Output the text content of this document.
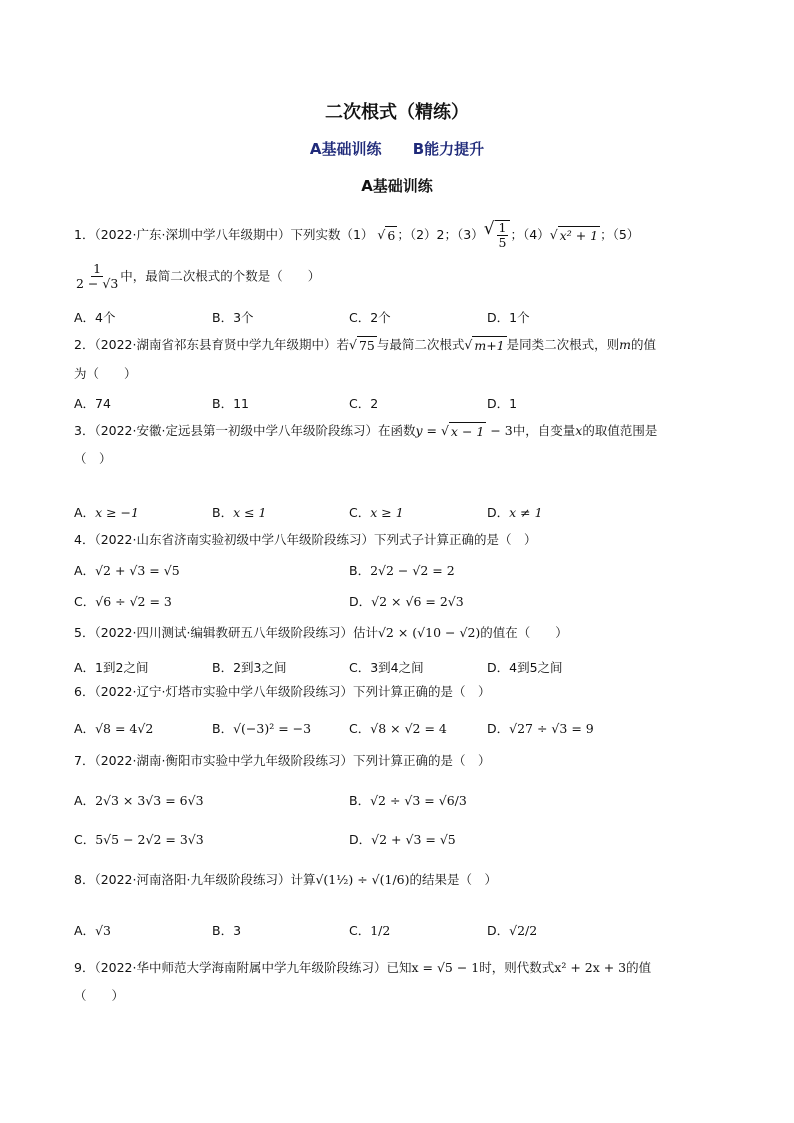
二次根式（精练）
A基础训练 B能力提升
A基础训练
1．（2022·广东·深圳中学八年级期中）下列实数（1） √ 6 ；（2）2；（3） √ $\frac{1}{5}$ ；（4） √ x² + 1 ；（5）
$\frac{1}{2 - √3}$ 中，最简二次根式的个数是（　　）
A．4个	B．3个	C．2个	D．1个
2．（2022·湖南省祁东县育贤中学九年级期中）若 √ 75 与最简二次根式 √ m+1 是同类二次根式，则m的值
为（　　）
A．74	B．11	C．2	D．1
3．（2022·安徽·定远县第一初级中学八年级阶段练习）在函数y = √ x − 1 − 3中，自变量x的取值范围是
（　）
A．x ≥ −1	B．x ≤ 1	C．x ≥ 1	D．x ≠ 1
4．（2022·山东省济南实验初级中学八年级阶段练习）下列式子计算正确的是（　）
A．√2 + √3 = √5	B．2√2 − √2 = 2
C．√6 ÷ √2 = 3	D．√2 × √6 = 2√3
5．（2022·四川测试·编辑教研五八年级阶段练习）估计√2 × (√10 − √2)的值在（　　）
A．1到2之间	B．2到3之间	C．3到4之间	D．4到5之间
6．（2022·辽宁·灯塔市实验中学八年级阶段练习）下列计算正确的是（　）
A．√8 = 4√2	B．√(−3)² = −3	C．√8 × √2 = 4	D．√27 ÷ √3 = 9
7．（2022·湖南·衡阳市实验中学九年级阶段练习）下列计算正确的是（　）
A．2√3 × 3√3 = 6√3	B．√2 ÷ √3 = √6/3
C．5√5 − 2√2 = 3√3	D．√2 + √3 = √5
8．（2022·河南洛阳·九年级阶段练习）计算√(1½) ÷ √(1/6)的结果是（　）
A．√3	B．3	C．1/2	D．√2/2
9．（2022·华中师范大学海南附属中学九年级阶段练习）已知x = √5 − 1时，则代数式x² + 2x + 3的值
（　　）
